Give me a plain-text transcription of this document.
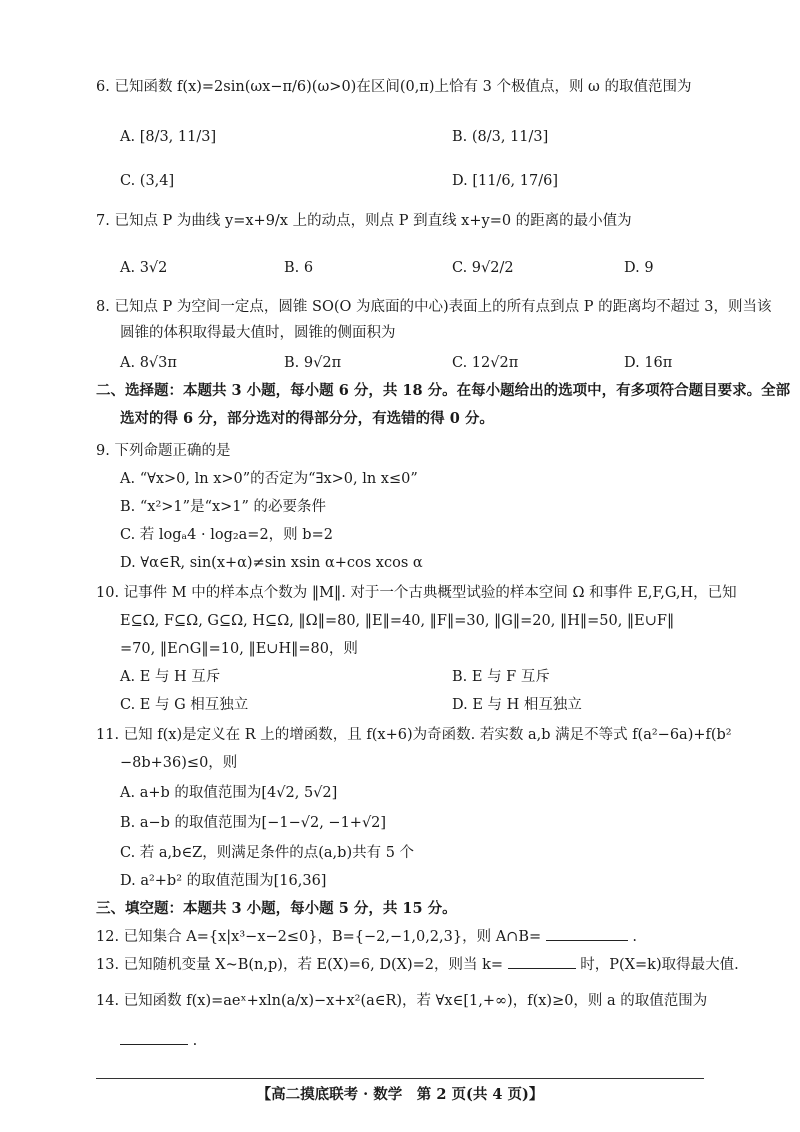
6. 已知函数 f(x)=2sin(ωx−π/6)(ω>0)在区间(0,π)上恰有 3 个极值点，则 ω 的取值范围为
A. [8/3, 11/3]	B. (8/3, 11/3]
C. (3,4]	D. [11/6, 17/6]
7. 已知点 P 为曲线 y=x+9/x 上的动点，则点 P 到直线 x+y=0 的距离的最小值为
A. 3√2	B. 6	C. 9√2/2	D. 9
8. 已知点 P 为空间一定点，圆锥 SO(O 为底面的中心)表面上的所有点到点 P 的距离均不超过 3，则当该
圆锥的体积取得最大值时，圆锥的侧面积为
A. 8√3π	B. 9√2π	C. 12√2π	D. 16π
二、选择题：本题共 3 小题，每小题 6 分，共 18 分。在每小题给出的选项中，有多项符合题目要求。全部
选对的得 6 分，部分选对的得部分分，有选错的得 0 分。
9. 下列命题正确的是
A. “∀x>0, ln x>0”的否定为“∃x>0, ln x≤0”
B. “x²>1”是“x>1” 的必要条件
C. 若 logₐ4 · log₂a=2，则 b=2
D. ∀α∈R, sin(x+α)≠sin xsin α+cos xcos α
10. 记事件 M 中的样本点个数为 ‖M‖. 对于一个古典概型试验的样本空间 Ω 和事件 E,F,G,H，已知
E⊆Ω, F⊆Ω, G⊆Ω, H⊆Ω, ‖Ω‖=80, ‖E‖=40, ‖F‖=30, ‖G‖=20, ‖H‖=50, ‖E∪F‖
=70, ‖E∩G‖=10, ‖E∪H‖=80，则
A. E 与 H 互斥	B. E 与 F 互斥
C. E 与 G 相互独立	D. E 与 H 相互独立
11. 已知 f(x)是定义在 R 上的增函数，且 f(x+6)为奇函数. 若实数 a,b 满足不等式 f(a²−6a)+f(b²
−8b+36)≤0，则
A. a+b 的取值范围为[4√2, 5√2]
B. a−b 的取值范围为[−1−√2, −1+√2]
C. 若 a,b∈Z，则满足条件的点(a,b)共有 5 个
D. a²+b² 的取值范围为[16,36]
三、填空题：本题共 3 小题，每小题 5 分，共 15 分。
12. 已知集合 A={x|x³−x−2≤0}，B={−2,−1,0,2,3}，则 A∩B=	.
13. 已知随机变量 X~B(n,p)，若 E(X)=6, D(X)=2，则当 k=	时，P(X=k)取得最大值.
14. 已知函数 f(x)=aeˣ+xln(a/x)−x+x²(a∈R)，若 ∀x∈[1,+∞)，f(x)≥0，则 a 的取值范围为
.
【高二摸底联考 · 数学　第 2 页(共 4 页)】
